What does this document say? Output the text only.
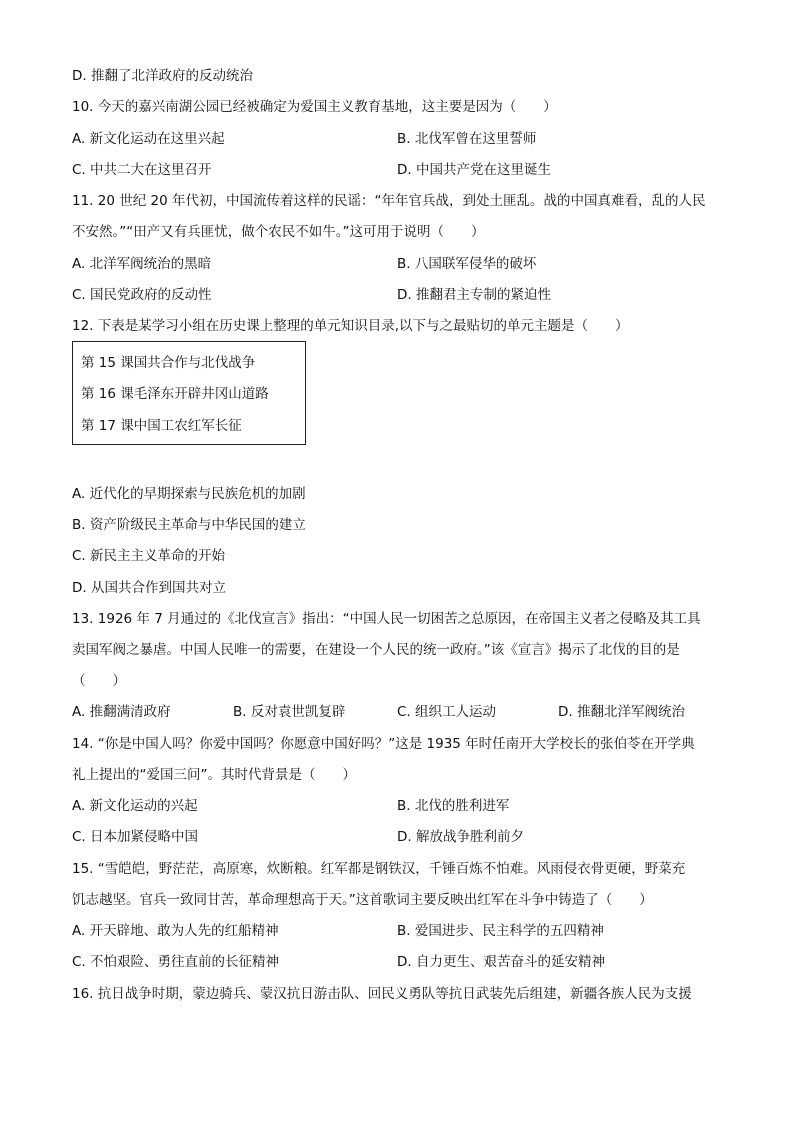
D. 推翻了北洋政府的反动统治
10. 今天的嘉兴南湖公园已经被确定为爱国主义教育基地，这主要是因为（　　）
A. 新文化运动在这里兴起	B. 北伐军曾在这里誓师
C. 中共二大在这里召开	D. 中国共产党在这里诞生
11. 20 世纪 20 年代初，中国流传着这样的民谣：“年年官兵战，到处土匪乱。战的中国真难看，乱的人民
不安然。”“田产又有兵匪忧，做个农民不如牛。”这可用于说明（　　）
A. 北洋军阀统治的黑暗	B. 八国联军侵华的破坏
C. 国民党政府的反动性	D. 推翻君主专制的紧迫性
12. 下表是某学习小组在历史课上整理的单元知识目录,以下与之最贴切的单元主题是（　　）
第 15 课国共合作与北伐战争
第 16 课毛泽东开辟井冈山道路
第 17 课中国工农红军长征
A. 近代化的早期探索与民族危机的加剧
B. 资产阶级民主革命与中华民国的建立
C. 新民主主义革命的开始
D. 从国共合作到国共对立
13. 1926 年 7 月通过的《北伐宣言》指出：“中国人民一切困苦之总原因，在帝国主义者之侵略及其工具
卖国军阀之暴虐。中国人民唯一的需要，在建设一个人民的统一政府。”该《宣言》揭示了北伐的目的是
（　　）
A. 推翻满清政府	B. 反对袁世凯复辟	C. 组织工人运动	D. 推翻北洋军阀统治
14. “你是中国人吗？你爱中国吗？你愿意中国好吗？”这是 1935 年时任南开大学校长的张伯苓在开学典
礼上提出的“爱国三问”。其时代背景是（　　）
A. 新文化运动的兴起	B. 北伐的胜利进军
C. 日本加紧侵略中国	D. 解放战争胜利前夕
15. “雪皑皑，野茫茫，高原寒，炊断粮。红军都是钢铁汉，千锤百炼不怕难。风雨侵衣骨更硬，野菜充
饥志越坚。官兵一致同甘苦，革命理想高于天。”这首歌词主要反映出红军在斗争中铸造了（　　）
A. 开天辟地、敢为人先的红船精神	B. 爱国进步、民主科学的五四精神
C. 不怕艰险、勇往直前的长征精神	D. 自力更生、艰苦奋斗的延安精神
16. 抗日战争时期，蒙边骑兵、蒙汉抗日游击队、回民义勇队等抗日武装先后组建，新疆各族人民为支援
